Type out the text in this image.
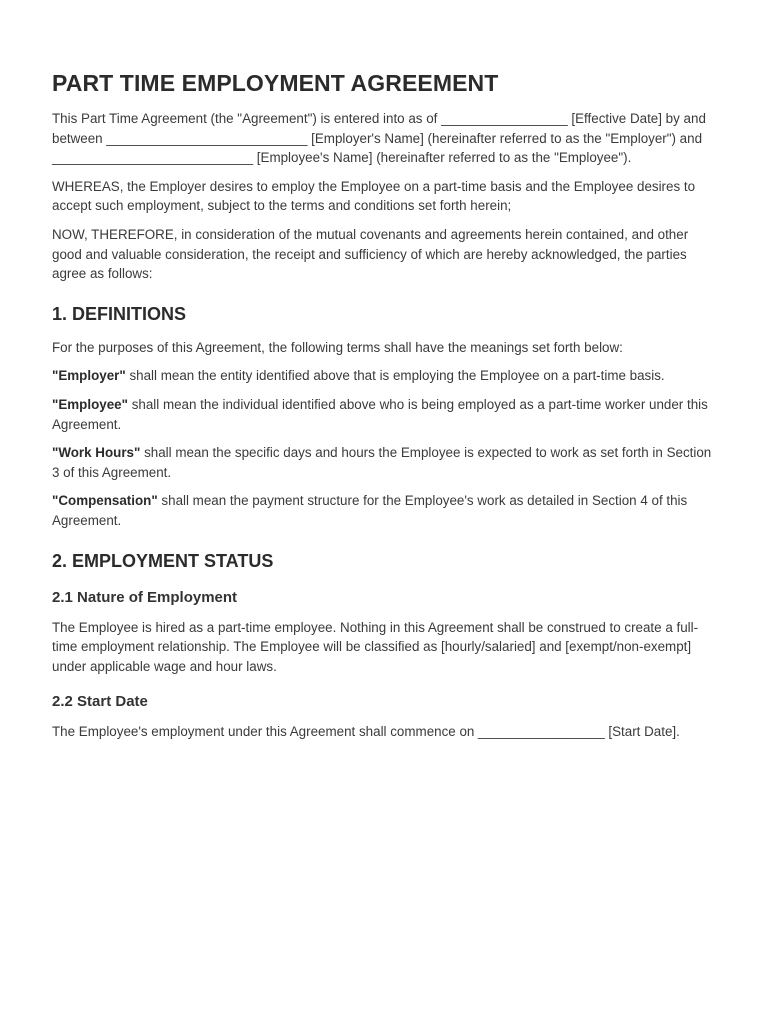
PART TIME EMPLOYMENT AGREEMENT

This Part Time Agreement (the "Agreement") is entered into as of _________________ [Effective Date] by and between ___________________________ [Employer's Name] (hereinafter referred to as the "Employer") and ___________________________ [Employee's Name] (hereinafter referred to as the "Employee").

WHEREAS, the Employer desires to employ the Employee on a part-time basis and the Employee desires to accept such employment, subject to the terms and conditions set forth herein;

NOW, THEREFORE, in consideration of the mutual covenants and agreements herein contained, and other good and valuable consideration, the receipt and sufficiency of which are hereby acknowledged, the parties agree as follows:

1. DEFINITIONS

For the purposes of this Agreement, the following terms shall have the meanings set forth below:

"Employer" shall mean the entity identified above that is employing the Employee on a part-time basis.

"Employee" shall mean the individual identified above who is being employed as a part-time worker under this Agreement.

"Work Hours" shall mean the specific days and hours the Employee is expected to work as set forth in Section 3 of this Agreement.

"Compensation" shall mean the payment structure for the Employee's work as detailed in Section 4 of this Agreement.

2. EMPLOYMENT STATUS
2.1 Nature of Employment

The Employee is hired as a part-time employee. Nothing in this Agreement shall be construed to create a full-time employment relationship. The Employee will be classified as [hourly/salaried] and [exempt/non-exempt] under applicable wage and hour laws.

2.2 Start Date

The Employee's employment under this Agreement shall commence on _________________ [Start Date].
